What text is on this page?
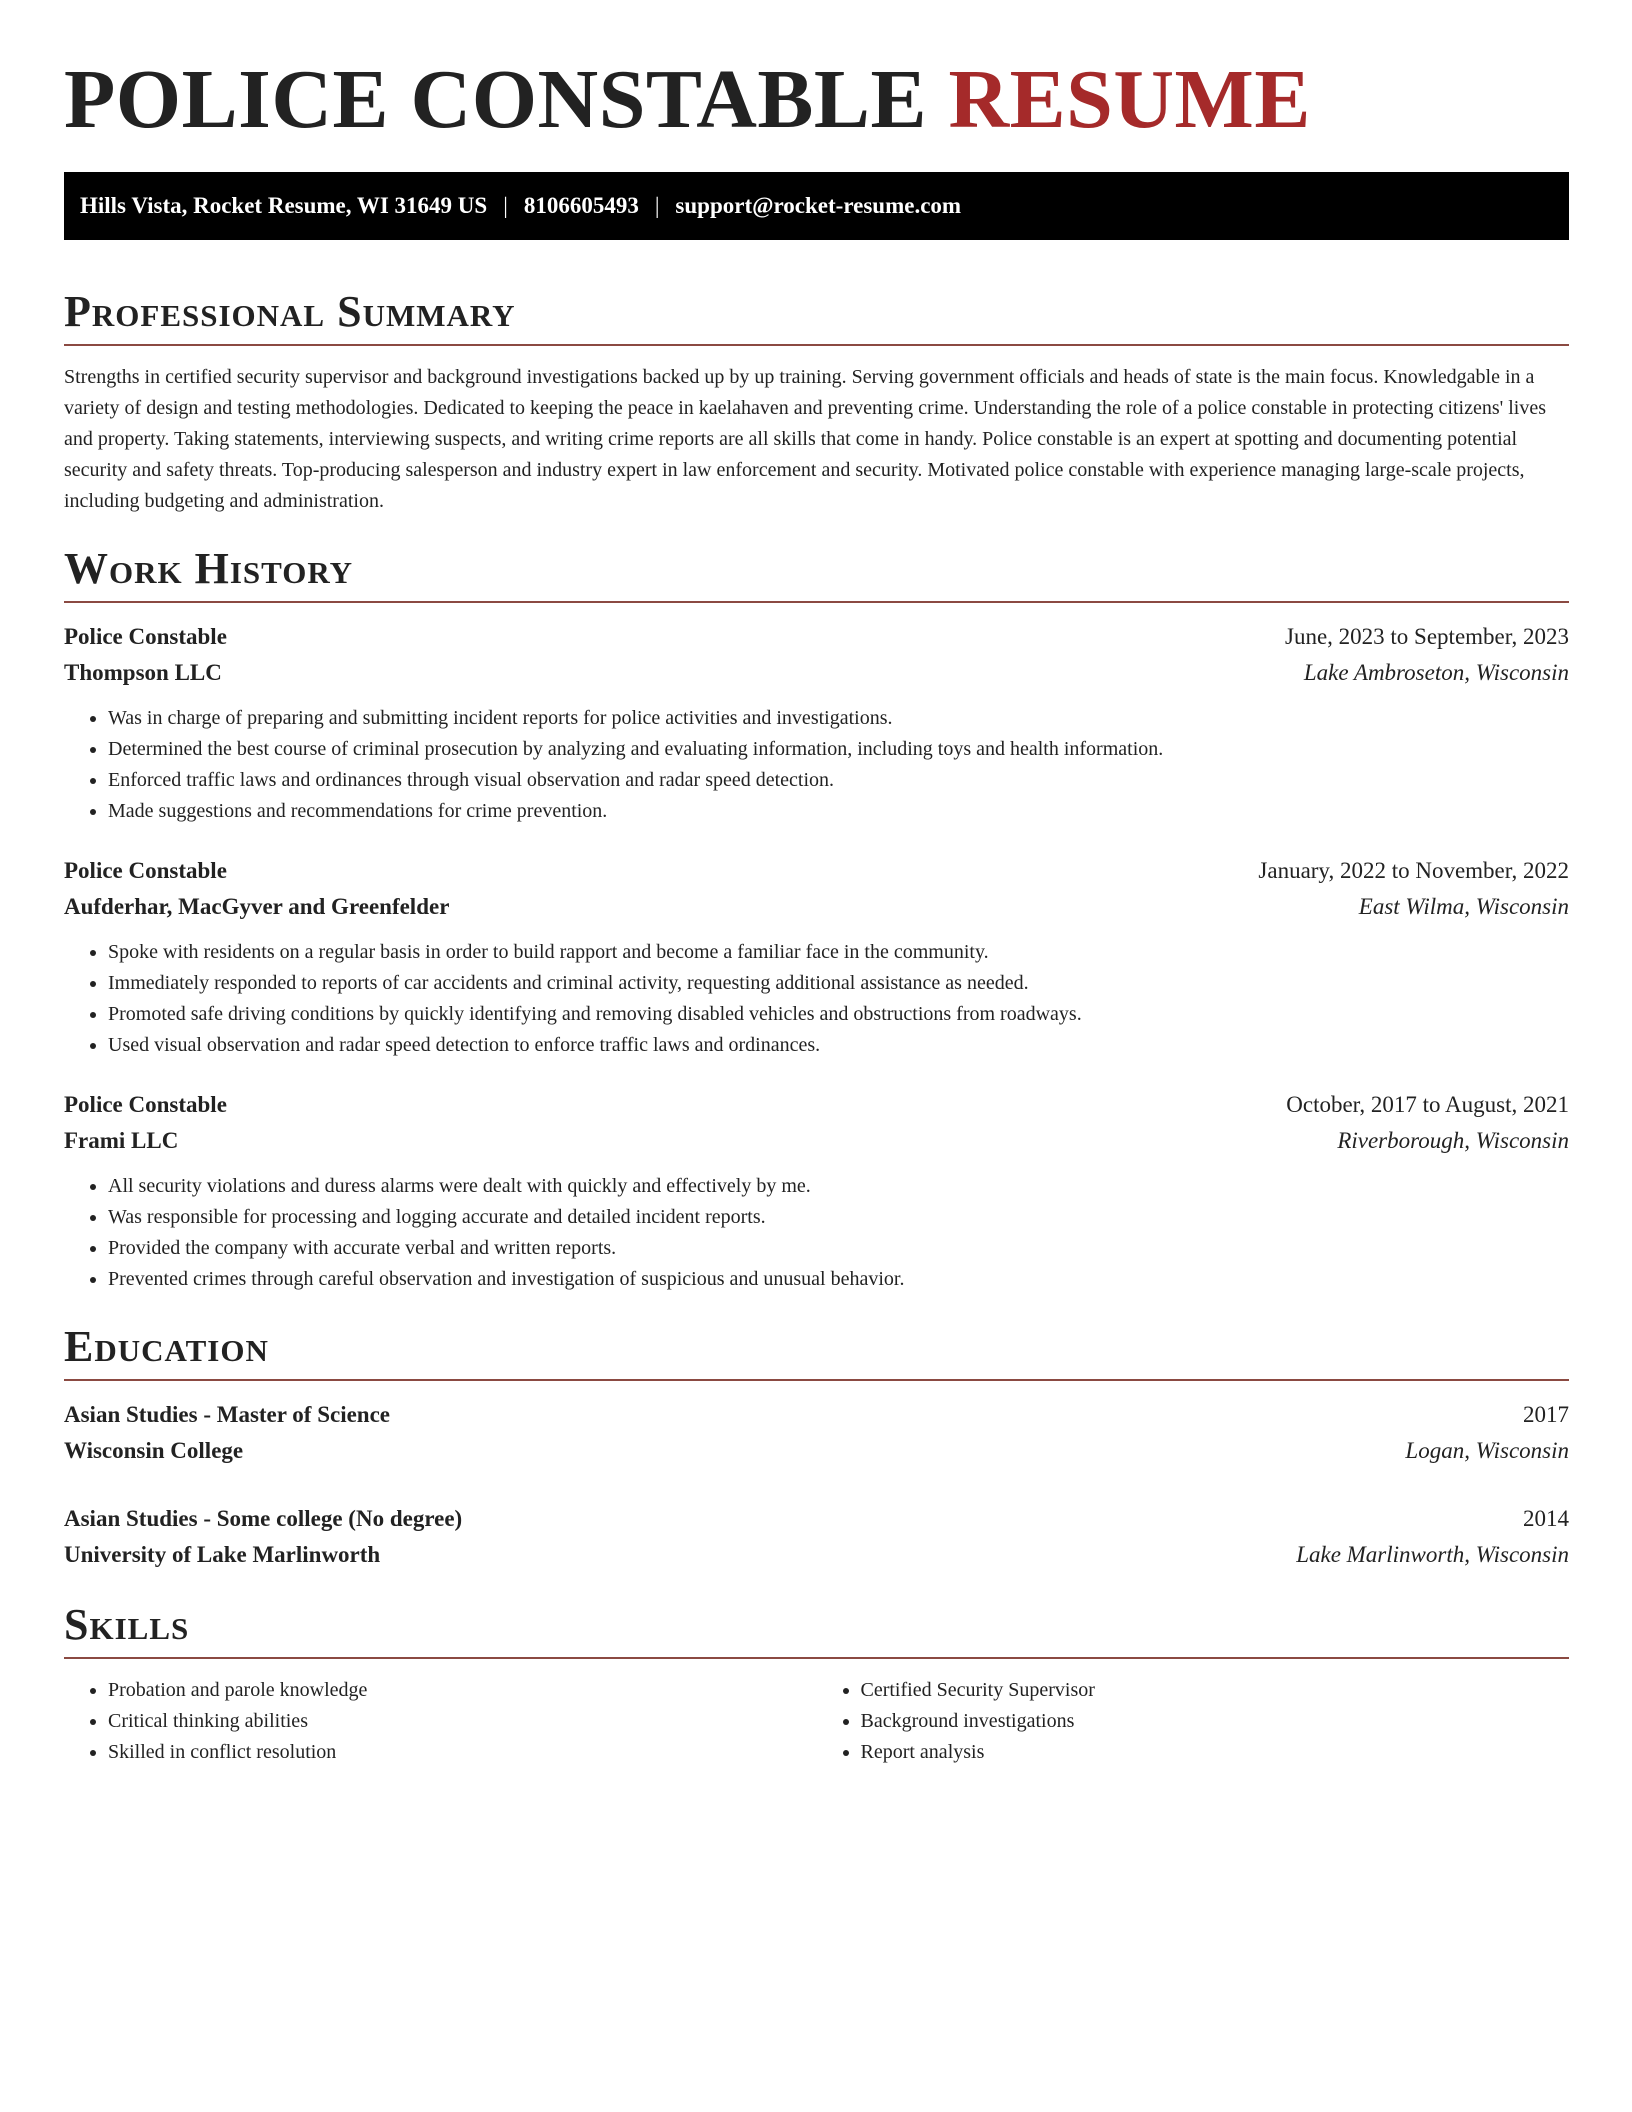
POLICE CONSTABLE RESUME
Hills Vista, Rocket Resume, WI 31649 US | 8106605493 | support@rocket-resume.com
Professional Summary

Strengths in certified security supervisor and background investigations backed up by up training. Serving government officials and heads of state is the main focus. Knowledgable in a variety of design and testing methodologies. Dedicated to keeping the peace in kaelahaven and preventing crime. Understanding the role of a police constable in protecting citizens' lives and property. Taking statements, interviewing suspects, and writing crime reports are all skills that come in handy. Police constable is an expert at spotting and documenting potential security and safety threats. Top-producing salesperson and industry expert in law enforcement and security. Motivated police constable with experience managing large-scale projects, including budgeting and administration.

Work History
Police Constable	June, 2023 to September, 2023
Thompson LLC	Lake Ambroseton, Wisconsin
• Was in charge of preparing and submitting incident reports for police activities and investigations.
• Determined the best course of criminal prosecution by analyzing and evaluating information, including toys and health information.
• Enforced traffic laws and ordinances through visual observation and radar speed detection.
• Made suggestions and recommendations for crime prevention.
Police Constable	January, 2022 to November, 2022
Aufderhar, MacGyver and Greenfelder	East Wilma, Wisconsin
• Spoke with residents on a regular basis in order to build rapport and become a familiar face in the community.
• Immediately responded to reports of car accidents and criminal activity, requesting additional assistance as needed.
• Promoted safe driving conditions by quickly identifying and removing disabled vehicles and obstructions from roadways.
• Used visual observation and radar speed detection to enforce traffic laws and ordinances.
Police Constable	October, 2017 to August, 2021
Frami LLC	Riverborough, Wisconsin
• All security violations and duress alarms were dealt with quickly and effectively by me.
• Was responsible for processing and logging accurate and detailed incident reports.
• Provided the company with accurate verbal and written reports.
• Prevented crimes through careful observation and investigation of suspicious and unusual behavior.
Education
Asian Studies - Master of Science	2017
Wisconsin College	Logan, Wisconsin
Asian Studies - Some college (No degree)	2014
University of Lake Marlinworth	Lake Marlinworth, Wisconsin
Skills
• Probation and parole knowledge
• Critical thinking abilities
• Skilled in conflict resolution
• Certified Security Supervisor
• Background investigations
• Report analysis
